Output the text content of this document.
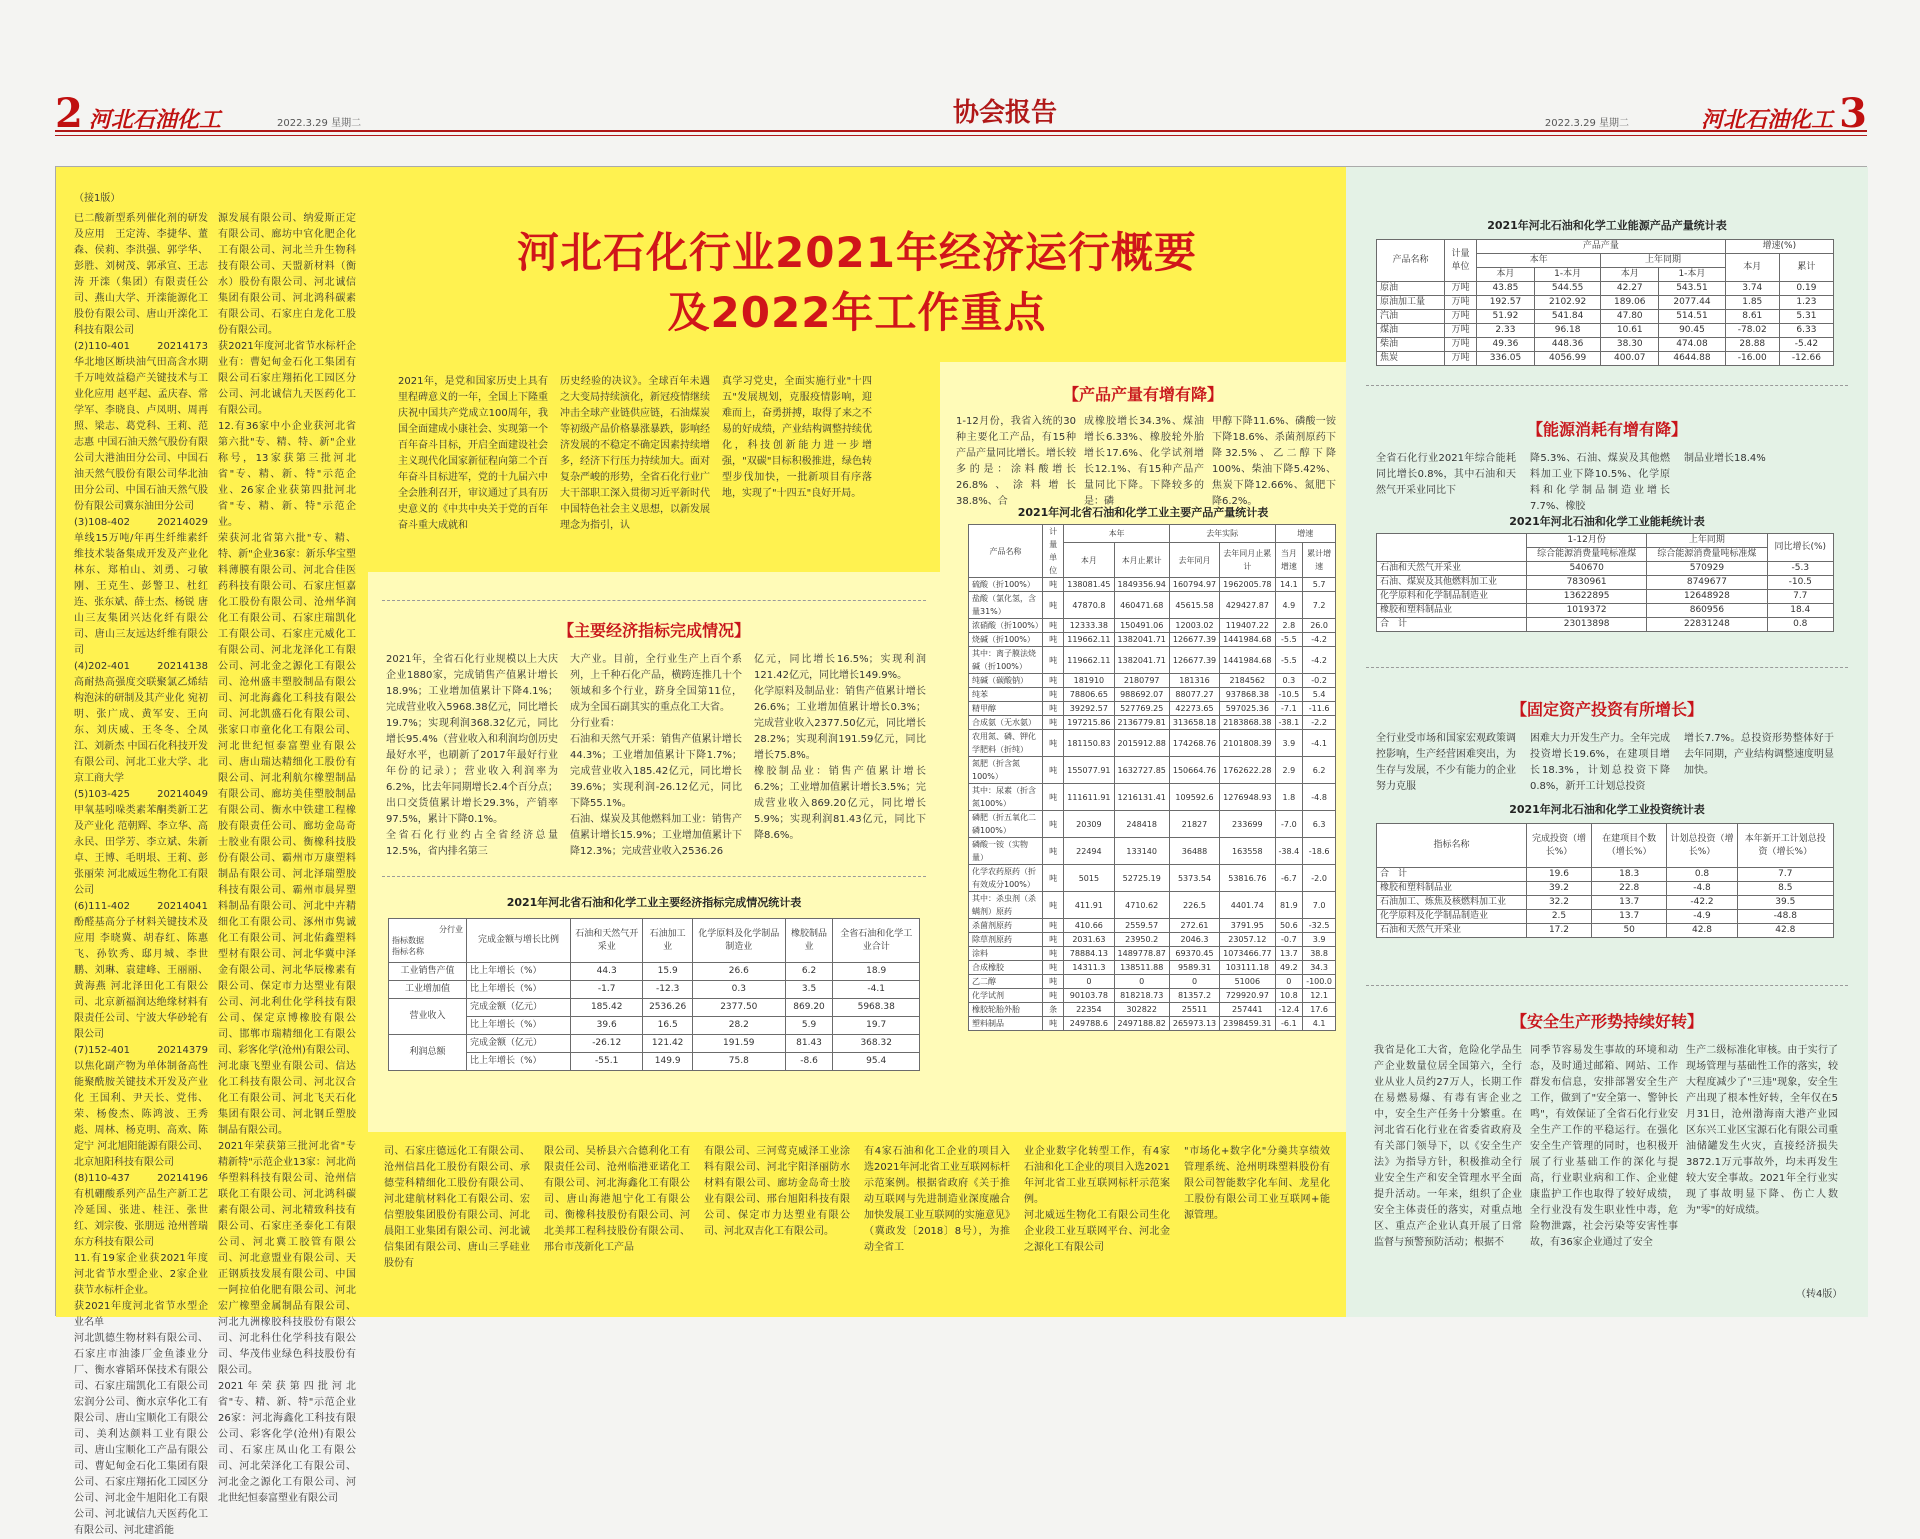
2 河北石油化工	2022.3.29 星期二	协会报告	2022.3.29 星期二	河北石油化工 3
（接1版）
已二酸新型系列催化剂的研发及应用　王定涛、李捷华、董森、侯莉、李洪强、郭学华、彭胜、刘树茂、郭承宣、王志涛 开滦（集团）有限责任公司、燕山大学、开滦能源化工股份有限公司、唐山开滦化工科技有限公司
(2)110-401　20214173　华北地区断块油气田高含水期千万吨效益稳产关键技术与工业化应用 赵平起、孟庆春、常学军、李晓良、卢凤明、周再照、梁志、葛党科、王莉、范志惠 中国石油天然气股份有限公司大港油田分公司、中国石油天然气股份有限公司华北油田分公司、中国石油天然气股份有限公司冀东油田分公司
(3)108-402　20214029　单线15万吨/年再生纤维素纤维技术装备集成开发及产业化 林东、郑柏山、刘勇、刁敏刚、王克生、彭警卫、杜红连、张东斌、薛士杰、杨锐 唐山三友集团兴达化纤有限公司、唐山三友远达纤维有限公司
(4)202-401　20214138　高耐热高强度交联聚氯乙烯结构泡沫的研制及其产业化 宛初明、张广成、黄军安、王向东、刘庆威、王冬冬、仝凤江、刘新杰 中国石化科技开发有限公司、河北工业大学、北京工商大学
(5)103-425　20214049　甲氧基吲哚类素苯酮类新工艺及产业化 范朝辉、李立华、高永民、田学芳、李立斌、朱新卓、王博、毛明垠、王莉、彭张丽荣 河北威远生物化工有限公司
(6)111-402　20214041　酚醛基高分子材料关键技术及应用 李晓冀、胡春红、陈惠飞、孙钦秀、邸月城、李世鹏、刘琳、袁建峰、王丽丽、黄海燕 河北泽田化工有限公司、北京新福润达绝缘材料有限责任公司、宁波大华砂轮有限公司
(7)152-401　20214379　以焦化副产物为单体制备高性能聚酰胺关键技术开发及产业化 王国利、尹天长、党伟、荣、杨俊杰、陈鸿波、王秀彪、周林、杨克明、高欢、陈定宁 河北旭阳能源有限公司、北京旭阳科技有限公司
(8)110-437　20214196　有机硼酸系列产品生产新工艺　冷延国、张进、桂汪、张世红、刘宗俊、张朋远 沧州普瑞东方科技有限公司
11.有19家企业获2021年度河北省节水型企业、2家企业获节水标杆企业。
获2021年度河北省节水型企业名单
河北凯德生物材料有限公司、石家庄市油漆厂金鱼漆业分厂、衡水睿韬环保技术有限公司、石家庄瑞凯化工有限公司宏润分公司、衡水京华化工有限公司、唐山宝顺化工有限公司、美利达颜料工业有限公司、唐山宝顺化工产品有限公司、曹妃甸金石化工集团有限公司、石家庄翔拓化工园区分公司、河北金牛旭阳化工有限公司、河北诚信九天医药化工有限公司、河北建滔能
源发展有限公司、纳爱斯正定有限公司、廊坊中官化肥企化工有限公司、河北兰升生物科技有限公司、天盟新材料（衡水）股份有限公司、河北诚信集团有限公司、河北鸿科碳素有限公司、石家庄白龙化工股份有限公司。
获2021年度河北省节水标杆企业有：曹妃甸金石化工集团有限公司石家庄翔拓化工园区分公司、河北诚信九天医药化工有限公司。
12.有36家中小企业获河北省第六批"专、精、特、新"企业称号，13家获第三批河北省"专、精、新、特"示范企业、26家企业获第四批河北省"专、精、新、特"示范企业。
荣获河北省第六批"专、精、特、新"企业36家：新乐华宝塑料薄膜有限公司、河北合佳医药科技有限公司、石家庄恒嘉化工股份有限公司、沧州华润化工有限公司、石家庄瑞凯化工有限公司、石家庄元威化工有限公司、河北龙泽化工有限公司、河北金之源化工有限公司、沧州盛丰塑胶制品有限公司、河北海鑫化工科技有限公司、河北凯盛石化有限公司、张家口市童化化工有限公司、河北世纪恒泰富塑业有限公司、唐山瑞达精细化工股份有限公司、河北利航尔橡塑制品有限公司、廊坊美佳塑胶制品有限公司、衡水中铁建工程橡胶有限责任公司、廊坊金岛奇士胶业有限公司、衡橡科技股份有限公司、霸州市万康塑料制品有限公司、河北泽瑞塑胶科技有限公司、霸州市晨昇塑料制品有限公司、河北中卉精细化工有限公司、涿州市隽诚化工有限公司、河北佑鑫塑料型材有限公司、河北华冀中泽金有限公司、河北华辰橡素有限公司、保定市力达塑业有限公司、河北利仕化学科技有限公司、保定京博橡胶有限公司、邯郸市瑞精细化工有限公司、彩客化学(沧州)有限公司、河北康飞塑业有限公司、信达化工科技有限公司、河北汉合化工有限公司、河北飞天石化集团有限公司、河北钢丘塑胶制品有限公司。
2021年荣获第三批河北省"专精新特"示范企业13家：河北尚华塑料科技有限公司、沧州信联化工有限公司、河北鸿科碳素有限公司、河北精致科技有限公司、石家庄圣泰化工有限公司、河北冀工胶管有限公司、河北意盟业有限公司、天正钢质技发展有限公司、中国一阿拉伯化肥有限公司、河北宏广橡塑金属制品有限公司、河北九洲橡胶科技股份有限公司、河北科仕化学科技有限公司、华茂伟业绿色科技股份有限公司。
2021年荣获第四批河北省"专、精、新、特"示范企业26家：河北海鑫化工科技有限公司、彩客化学(沧州)有限公司、石家庄凤山化工有限公司、河北荣泽化工有限公司、河北金之源化工有限公司、河北世纪恒泰富塑业有限公司
河北石化行业2021年经济运行概要
及2022年工作重点
2021年，是党和国家历史上具有里程碑意义的一年，全国上下隆重庆祝中国共产党成立100周年，我国全面建成小康社会、实现第一个百年奋斗目标，开启全面建设社会主义现代化国家新征程向第二个百年奋斗目标进军，党的十九届六中全会胜利召开，审议通过了具有历史意义的《中共中央关于党的百年奋斗重大成就和
历史经验的决议》。全球百年未遇之大变局持续演化，新冠疫情继续冲击全球产业链供应链，石油煤炭等初级产品价格暴涨暴跌，影响经济发展的不稳定不确定因素持续增多，经济下行压力持续加大。面对复杂严峻的形势，全省石化行业广大干部职工深入贯彻习近平新时代中国特色社会主义思想，以新发展理念为指引，认
真学习党史，全面实施行业"十四五"发展规划，克服疫情影响，迎难而上，奋勇拼搏，取得了来之不易的好成绩，产业结构调整持续优化，科技创新能力进一步增强，"双碳"目标积极推进，绿色转型步伐加快，一批新项目有序落地，实现了"十四五"良好开局。
【主要经济指标完成情况】
2021年，全省石化行业规模以上大庆企业1880家，完成销售产值累计增长18.9%；工业增加值累计下降4.1%；完成营业收入5968.38亿元，同比增长19.7%；实现利润368.32亿元，同比增长95.4%（营业收入和利润均创历史最好水平，也刷新了2017年最好行业年份的记录）；营业收入利润率为6.2%，比去年同期增长2.4个百分点；出口交货值累计增长29.3%，产销率97.5%，累计下降0.1%。
全省石化行业约占全省经济总量12.5%，省内排名第三
大产业。目前，全行业生产上百个系列，上千种石化产品，横跨连推几十个领域和多个行业，跻身全国第11位，成为全国石副其实的重点化工大省。
分行业看：
石油和天然气开采：销售产值累计增长44.3%；工业增加值累计下降1.7%；完成营业收入185.42亿元，同比增长39.6%；实现利润-26.12亿元，同比下降55.1%。
石油、煤炭及其他燃料加工业：销售产值累计增长15.9%；工业增加值累计下降12.3%；完成营业收入2536.26
亿元，同比增长16.5%；实现利润121.42亿元，同比增长149.9%。
化学原料及制品业：销售产值累计增长26.6%；工业增加值累计增长0.3%；完成营业收入2377.50亿元，同比增长28.2%；实现利润191.59亿元，同比增长75.8%。
橡胶制品业：销售产值累计增长6.2%；工业增加值累计增长3.5%；完成营业收入869.20亿元，同比增长5.9%；实现利润81.43亿元，同比下降8.6%。
2021年河北省石油和化学工业主要经济指标完成情况统计表
分行业
指标数据
指标名称	完成金额与增长比例	石油和天然气开采业	石油加工业	化学原料及化学制品制造业	橡胶制品业	全省石油和化学工业合计
工业销售产值	比上年增长（%）	44.3	15.9	26.6	6.2	18.9
工业增加值	比上年增长（%）	-1.7	-12.3	0.3	3.5	-4.1
营业收入	完成金额（亿元）	185.42	2536.26	2377.50	869.20	5968.38
	比上年增长（%）	39.6	16.5	28.2	5.9	19.7
利润总额	完成金额（亿元）	-26.12	121.42	191.59	81.43	368.32
	比上年增长（%）	-55.1	149.9	75.8	-8.6	95.4
【产品产量有增有降】
1-12月份，我省入统的30种主要化工产品，有15种产品产量同比增长。增长较多的是：涂料酸增长26.8%、涂料增长38.8%、合
成橡胶增长34.3%、煤油增长6.33%、橡胶轮外胎增长17.6%、化学试剂增长12.1%、有15种产品产量同比下降。下降较多的是：磷
甲醇下降11.6%、磷酸一铵下降18.6%、杀菌剂原药下降32.5%、乙二醇下降100%、柴油下降5.42%、焦炭下降12.66%、氮肥下降6.2%。
2021年河北省石油和化学工业主要产品产量统计表
产品名称	计量单位	本年		去年实际		增速	
		本月	本月止累计	去年同月	去年同月止累计	当月增速	累计增速
硫酸（折100%）	吨	138081.45	1849356.94	160794.97	1962005.78	14.1	5.7
盐酸（氯化氢，含量31%）	吨	47870.8	460471.68	45615.58	429427.87	4.9	7.2
浓硝酸（折100%）	吨	12333.38	150491.06	12003.02	119407.22	2.8	26.0
烧碱（折100%）	吨	119662.11	1382041.71	126677.39	1441984.68	-5.5	-4.2
其中：离子膜法烧碱（折100%）	吨	119662.11	1382041.71	126677.39	1441984.68	-5.5	-4.2
纯碱（碳酸钠）	吨	181910	2180797	181316	2184562	0.3	-0.2
纯苯	吨	78806.65	988692.07	88077.27	937868.38	-10.5	5.4
精甲醇	吨	39292.57	527769.25	42273.65	597025.36	-7.1	-11.6
合成氨（无水氨）	吨	197215.86	2136779.81	313658.18	2183868.38	-38.1	-2.2
农用氮、磷、钾化学肥料（折纯）	吨	181150.83	2015912.88	174268.76	2101808.39	3.9	-4.1
氮肥（折含氮100%）	吨	155077.91	1632727.85	150664.76	1762622.28	2.9	6.2
其中：尿素（折含氮100%）	吨	111611.91	1216131.41	109592.6	1276948.93	1.8	-4.8
磷肥（折五氧化二磷100%）	吨	20309	248418	21827	233699	-7.0	6.3
磷酸一铵（实物量）	吨	22494	133140	36488	163558	-38.4	-18.6
化学农药原药（折有效成分100%）	吨	5015	52725.19	5373.54	53816.76	-6.7	-2.0
其中：杀虫剂（杀螨剂）原药	吨	411.91	4710.62	226.5	4401.74	81.9	7.0
杀菌剂原药	吨	410.66	2559.57	272.61	3791.95	50.6	-32.5
除草剂原药	吨	2031.63	23950.2	2046.3	23057.12	-0.7	3.9
涂料	吨	78884.13	1489778.87	69370.45	1073466.77	13.7	38.8
合成橡胶	吨	14311.3	138511.88	9589.31	103111.18	49.2	34.3
乙二醇	吨	0	0	0	51006	0	-100.0
化学试剂	吨	90103.78	818218.73	81357.2	729920.97	10.8	12.1
橡胶轮胎外胎	条	22354	302822	25511	257441	-12.4	17.6
塑料制品	吨	249788.6	2497188.82	265973.13	2398459.31	-6.1	4.1
2021年河北石油和化学工业能源产品产量统计表
产品名称	计量单位	产品产量				增速(%)	
		本年		上年同期		本月	累计
		本月	1-本月	本月	1-本月		
原油	万吨	43.85	544.55	42.27	543.51	3.74	0.19
原油加工量	万吨	192.57	2102.92	189.06	2077.44	1.85	1.23
汽油	万吨	51.92	541.84	47.80	514.51	8.61	5.31
煤油	万吨	2.33	96.18	10.61	90.45	-78.02	6.33
柴油	万吨	49.36	448.36	38.30	474.08	28.88	-5.42
焦炭	万吨	336.05	4056.99	400.07	4644.88	-16.00	-12.66
【能源消耗有增有降】
全省石化行业2021年综合能耗同比增长0.8%，其中石油和天然气开采业同比下
降5.3%、石油、煤炭及其他燃料加工业下降10.5%、化学原料和化学制品制造业增长7.7%、橡胶
制品业增长18.4%
2021年河北石油和化学工业能耗统计表
	1-12月份	上年同期	同比增长(%)
	综合能源消费量吨标准煤	综合能源消费量吨标准煤	
石油和天然气开采业	540670	570929	-5.3
石油、煤炭及其他燃料加工业	7830961	8749677	-10.5
化学原料和化学制品制造业	13622895	12648928	7.7
橡胶和塑料制品业	1019372	860956	18.4
合　计	23013898	22831248	0.8
【固定资产投资有所增长】
全行业受市场和国家宏观政策调控影响，生产经营困难突出，为生存与发展，不少有能力的企业努力克服
困难大力开发生产力。全年完成投资增长19.6%，在建项目增长18.3%，计划总投资下降0.8%，新开工计划总投资
增长7.7%。总投资形势整体好于去年同期，产业结构调整速度明显加快。
2021年河北石油和化学工业投资统计表
指标名称	完成投资（增长%）	在建项目个数（增长%）	计划总投资（增长%）	本年新开工计划总投资（增长%）
合　计	19.6	18.3	0.8	7.7
橡胶和塑料制品业	39.2	22.8	-4.8	8.5
石油加工、炼焦及核燃料加工业	32.2	13.7	-42.2	39.5
化学原料及化学制品制造业	2.5	13.7	-4.9	-48.8
石油和天然气开采业	17.2	50	42.8	42.8
【安全生产形势持续好转】
我省是化工大省，危险化学品生产企业数量位居全国第六，全行业从业人员约27万人，长期工作在易燃易爆、有毒有害企业之中，安全生产任务十分繁重。在河北省石化行业在省委省政府及有关部门领导下，以《安全生产法》为指导方针，积极推动全行业安全生产和安全管理水平全面提升活动。一年来，组织了企业安全主体责任的落实，对重点地区、重点产企业认真开展了日常监督与预警预防活动；根据不
同季节容易发生事故的环境和动态，及时通过邮箱、网站、工作群发布信息，安排部署安全生产工作，做到了"安全第一、警钟长鸣"，有效保证了全省石化行业安全生产工作的平稳运行。在强化安全生产管理的同时，也积极开展了行业基础工作的深化与提高，行业职业病和工作、企业健康监护工作也取得了较好成绩，全行业没有发生职业性中毒，危险物泄露，社会污染等安害性事故，有36家企业通过了安全
生产二级标准化审核。由于实行了现场管理与基础性工作的落实，较大程度减少了"三违"现象，安全生产出现了根本性好转，全年仅在5月31日，沧州渤海南大港产业园区东兴工业区宝源石化有限公司重油储罐发生火灾，直接经济损失3872.1万元事故外，均未再发生较大安全事故。2021年全行业实现了事故明显下降、伤亡人数为"零"的好成绩。
（转4版）
司、石家庄德远化工有限公司、沧州信昌化工股份有限公司、承德莹科精细化工股份有限公司、河北建航材料化工有限公司、宏信塑胶集团股份有限公司、河北晨阳工业集团有限公司、河北诚信集团有限公司、唐山三孚硅业股份有
限公司、吴桥县六合德利化工有限责任公司、沧州临港亚诺化工有限公司、河北海鑫化工有限公司、唐山海港旭宁化工有限公司、衡橡科技股份有限公司、河北美邦工程科技股份有限公司、邢台市茂新化工产品
有限公司、三河莺克威泽工业涂料有限公司、河北宇阳泽丽防水材料有限公司、廊坊金岛奇士胶业有限公司、邢台旭阳科技有限公司、保定市力达塑业有限公司、河北双吉化工有限公司。
有4家石油和化工企业的项目入选2021年河北省工业互联网标杆示范案例。根据省政府《关于推动互联网与先进制造业深度融合加快发展工业互联网的实施意见》（冀政发〔2018〕8号），为推动全省工
业企业数字化转型工作，有4家石油和化工企业的项目入选2021年河北省工业互联网标杆示范案例。
河北威远生物化工有限公司生化企业段工业互联网平台、河北金之源化工有限公司
"市场化+数字化"分羹共享绩效管理系统、沧州明珠塑料股份有限公司智能数字化车间、龙星化工股份有限公司工业互联网+能源管理。
